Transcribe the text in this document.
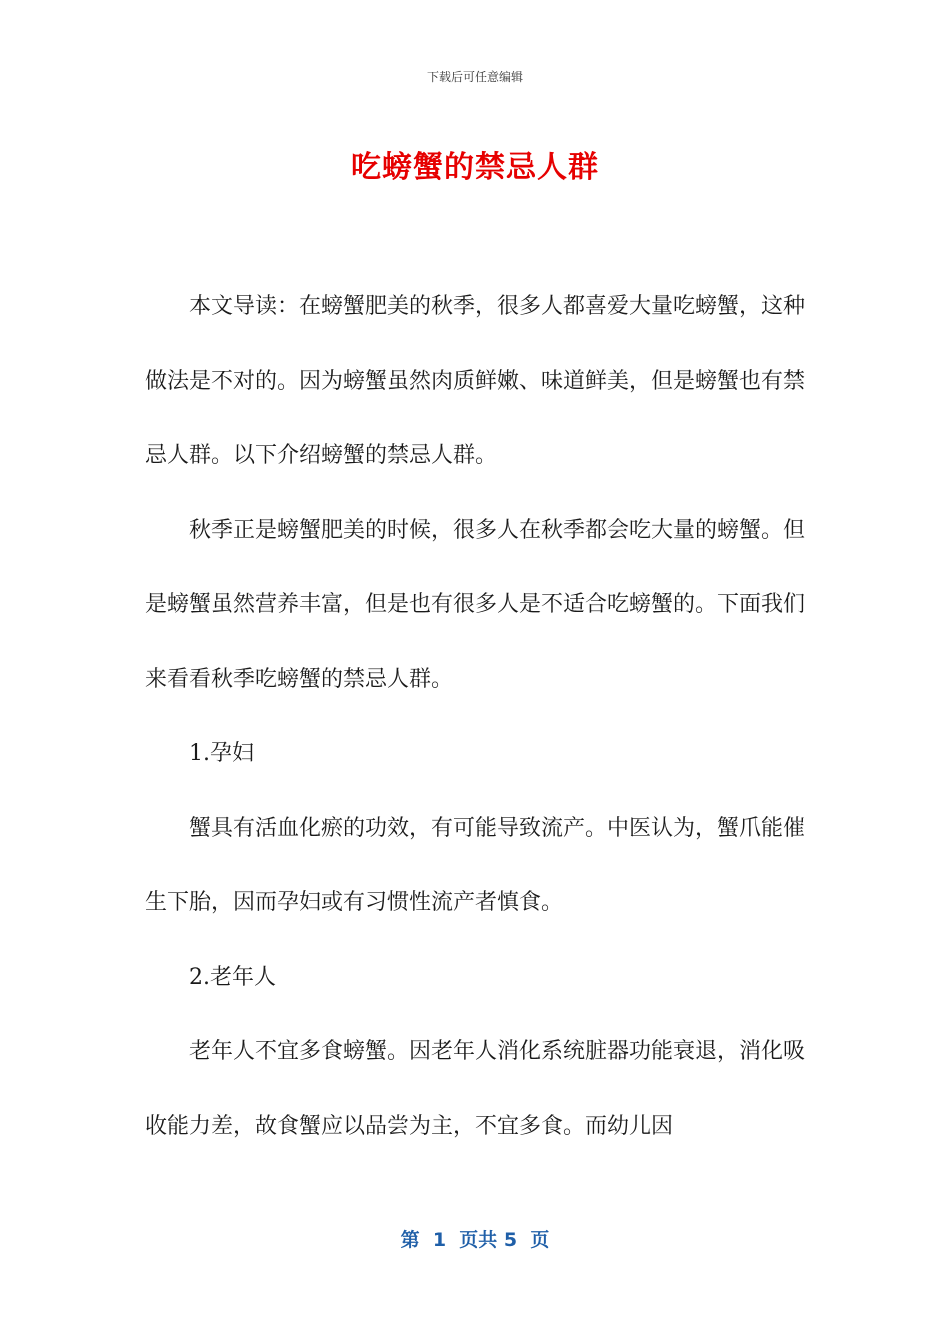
下载后可任意编辑
吃螃蟹的禁忌人群

本文导读：在螃蟹肥美的秋季，很多人都喜爱大量吃螃蟹，这种做法是不对的。因为螃蟹虽然肉质鲜嫩、味道鲜美，但是螃蟹也有禁忌人群。以下介绍螃蟹的禁忌人群。

秋季正是螃蟹肥美的时候，很多人在秋季都会吃大量的螃蟹。但是螃蟹虽然营养丰富，但是也有很多人是不适合吃螃蟹的。下面我们来看看秋季吃螃蟹的禁忌人群。

1.孕妇

蟹具有活血化瘀的功效，有可能导致流产。中医认为，蟹爪能催生下胎，因而孕妇或有习惯性流产者慎食。

2.老年人

老年人不宜多食螃蟹。因老年人消化系统脏器功能衰退，消化吸收能力差，故食蟹应以品尝为主，不宜多食。而幼儿因

第  1  页共 5  页
